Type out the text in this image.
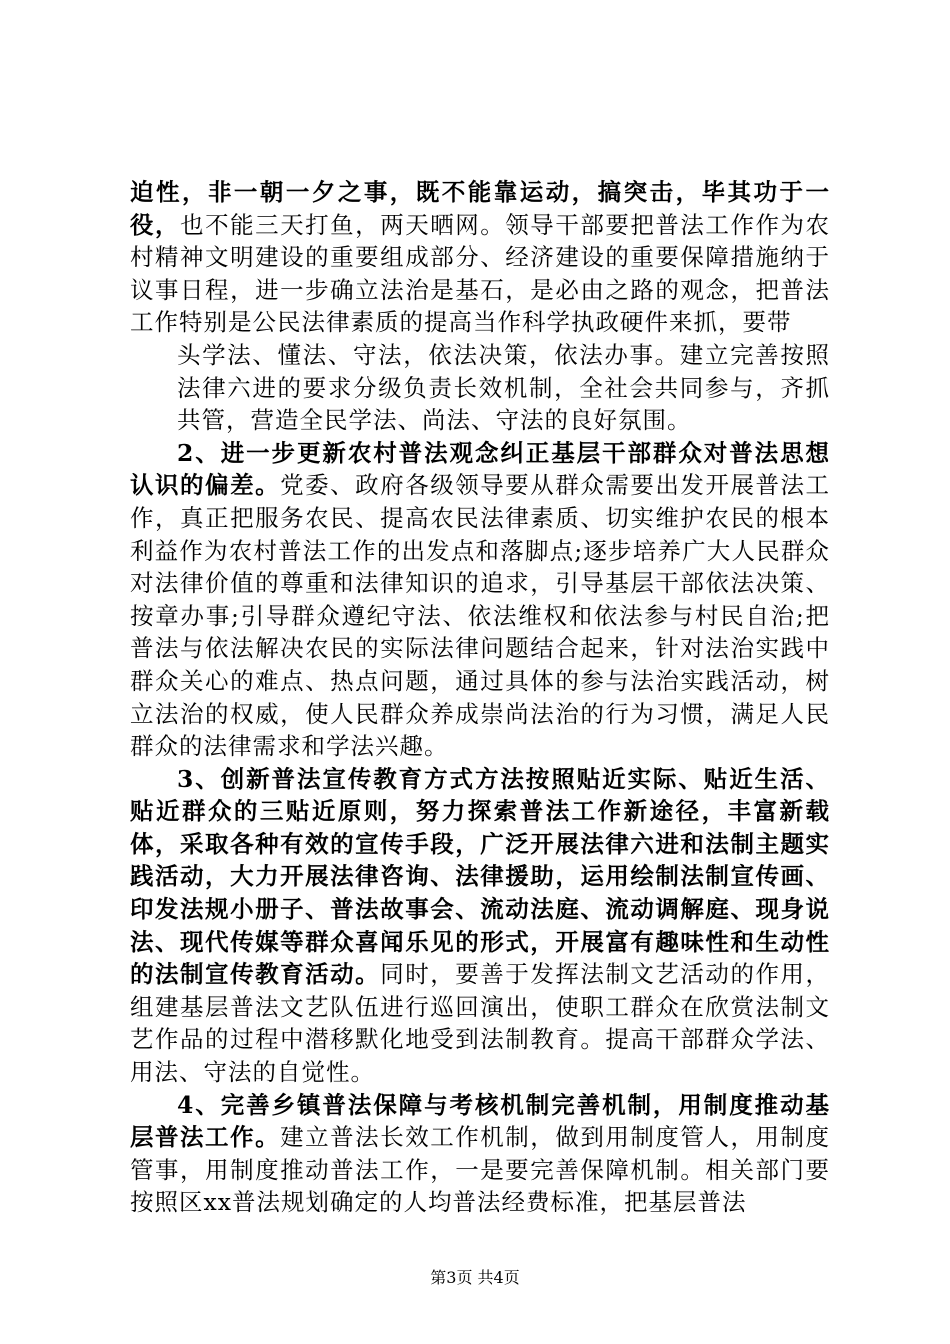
迫性，非一朝一夕之事，既不能靠运动，搞突击，毕其功于一役，也不能三天打鱼，两天晒网。领导干部要把普法工作作为农村精神文明建设的重要组成部分、经济建设的重要保障措施纳于议事日程，进一步确立法治是基石，是必由之路的观念，把普法工作特别是公民法律素质的提高当作科学执政硬件来抓，要带

头学法、懂法、守法，依法决策，依法办事。建立完善按照法律六进的要求分级负责长效机制，全社会共同参与，齐抓共管，营造全民学法、尚法、守法的良好氛围。

2、进一步更新农村普法观念纠正基层干部群众对普法思想认识的偏差。党委、政府各级领导要从群众需要出发开展普法工作，真正把服务农民、提高农民法律素质、切实维护农民的根本利益作为农村普法工作的出发点和落脚点;逐步培养广大人民群众对法律价值的尊重和法律知识的追求，引导基层干部依法决策、按章办事;引导群众遵纪守法、依法维权和依法参与村民自治;把普法与依法解决农民的实际法律问题结合起来，针对法治实践中群众关心的难点、热点问题，通过具体的参与法治实践活动，树立法治的权威，使人民群众养成崇尚法治的行为习惯，满足人民群众的法律需求和学法兴趣。

3、创新普法宣传教育方式方法按照贴近实际、贴近生活、贴近群众的三贴近原则，努力探索普法工作新途径，丰富新载体，采取各种有效的宣传手段，广泛开展法律六进和法制主题实践活动，大力开展法律咨询、法律援助，运用绘制法制宣传画、印发法规小册子、普法故事会、流动法庭、流动调解庭、现身说法、现代传媒等群众喜闻乐见的形式，开展富有趣味性和生动性的法制宣传教育活动。同时，要善于发挥法制文艺活动的作用，组建基层普法文艺队伍进行巡回演出，使职工群众在欣赏法制文艺作品的过程中潜移默化地受到法制教育。提高干部群众学法、用法、守法的自觉性。

4、完善乡镇普法保障与考核机制完善机制，用制度推动基层普法工作。建立普法长效工作机制，做到用制度管人，用制度管事，用制度推动普法工作，一是要完善保障机制。相关部门要按照区xx普法规划确定的人均普法经费标准，把基层普法

第3页 共4页
